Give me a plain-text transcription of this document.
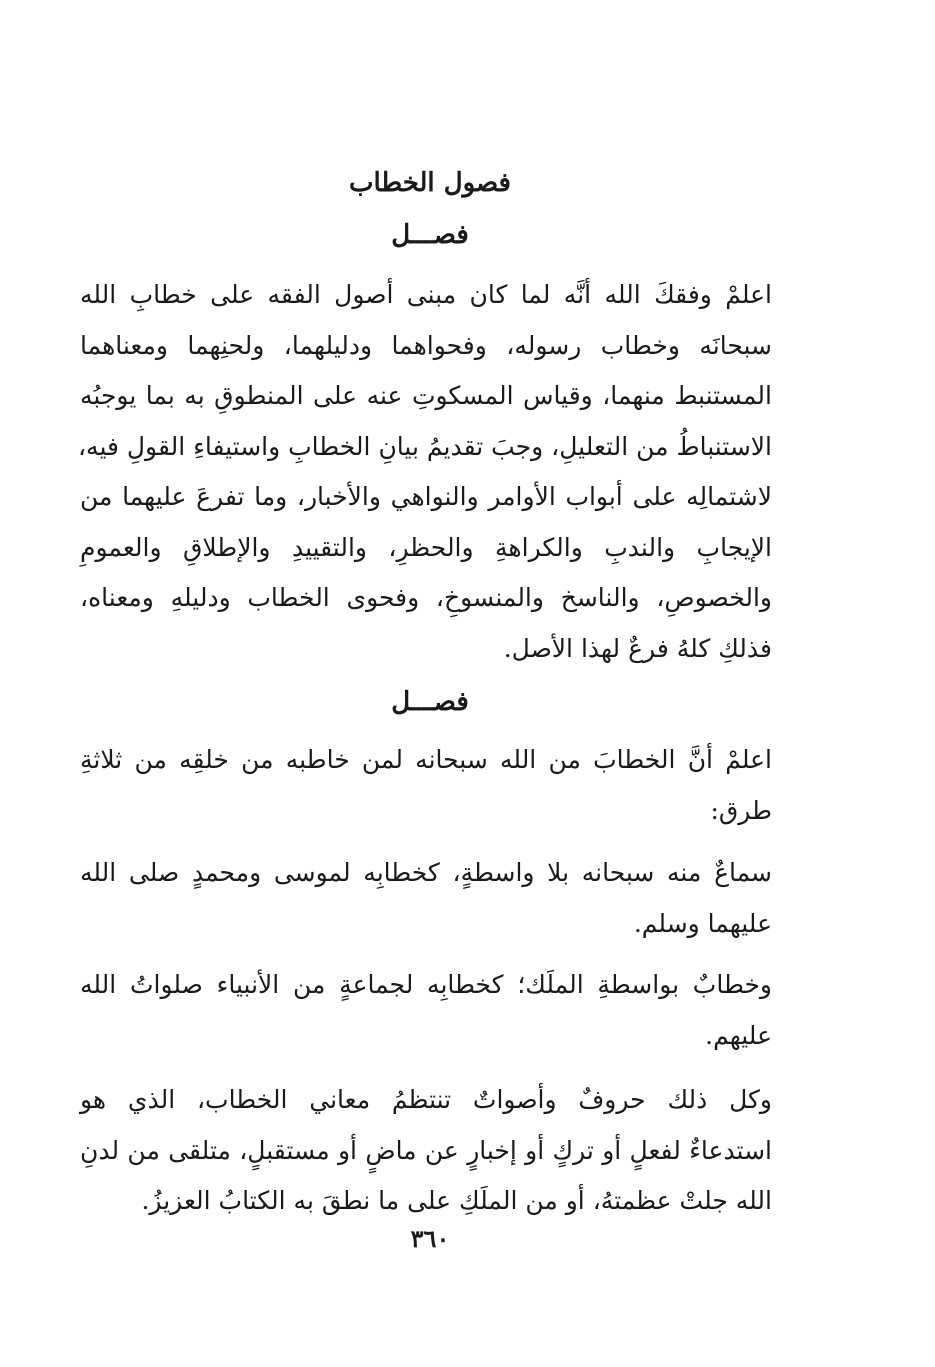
فصول الخطاب
فصـــل
اعلمْ وفقكَ الله أنَّه لما كان مبنى أصول الفقه على خطابِ الله
سبحانَه وخطاب رسوله، وفحواهما ودليلهما، ولحنِهما ومعناهما
المستنبط منهما، وقياس المسكوتِ عنه على المنطوقِ به بما يوجبُه
الاستنباطُ من التعليلِ، وجبَ تقديمُ بيانِ الخطابِ واستيفاءِ القولِ فيه،
لاشتمالِه على أبواب الأوامر والنواهي والأخبار، وما تفرعَ عليهما من
الإيجابِ والندبِ والكراهةِ والحظرِ، والتقييدِ والإطلاقِ والعمومِ
والخصوصِ، والناسخ والمنسوخِ، وفحوى الخطاب ودليلهِ ومعناه،
فذلكِ كلهُ فرعٌ لهذا الأصل.
فصـــل
اعلمْ أنَّ الخطابَ من الله سبحانه لمن خاطبه من خلقِه من ثلاثةِ
طرق:
سماعٌ منه سبحانه بلا واسطةٍ، كخطابِه لموسى ومحمدٍ صلى الله
عليهما وسلم.
وخطابٌ بواسطةِ الملَك؛ كخطابِه لجماعةٍ من الأنبياء صلواتُ الله
عليهم.
وكل ذلك حروفٌ وأصواتٌ تنتظمُ معاني الخطاب، الذي هو
استدعاءٌ لفعلٍ أو تركٍ أو إخبارٍ عن ماضٍ أو مستقبلٍ، متلقى من لدنِ
الله جلتْ عظمتهُ، أو من الملَكِ على ما نطقَ به الكتابُ العزيزُ.
٣٦٠
